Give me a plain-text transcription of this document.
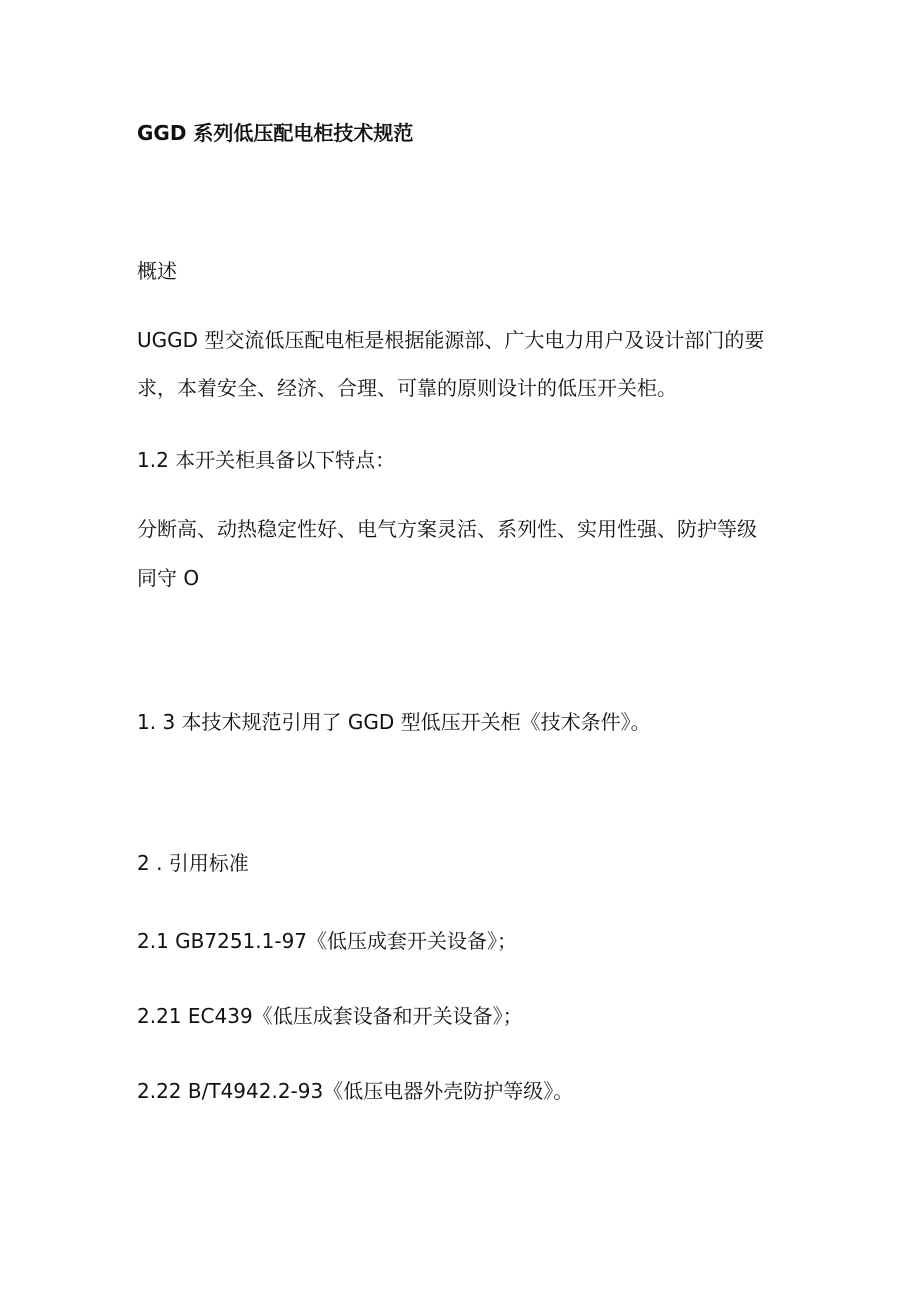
GGD 系列低压配电柜技术规范

概述

UGGD 型交流低压配电柜是根据能源部、广大电力用户及设计部门的要

求，本着安全、经济、合理、可靠的原则设计的低压开关柜。

1.2 本开关柜具备以下特点：

分断高、动热稳定性好、电气方案灵活、系列性、实用性强、防护等级

同守 O

1. 3 本技术规范引用了 GGD 型低压开关柜《技术条件》。

2 . 引用标准

2.1 GB7251.1-97《低压成套开关设备》；

2.21 EC439《低压成套设备和开关设备》；

2.22 B/T4942.2-93《低压电器外壳防护等级》。
